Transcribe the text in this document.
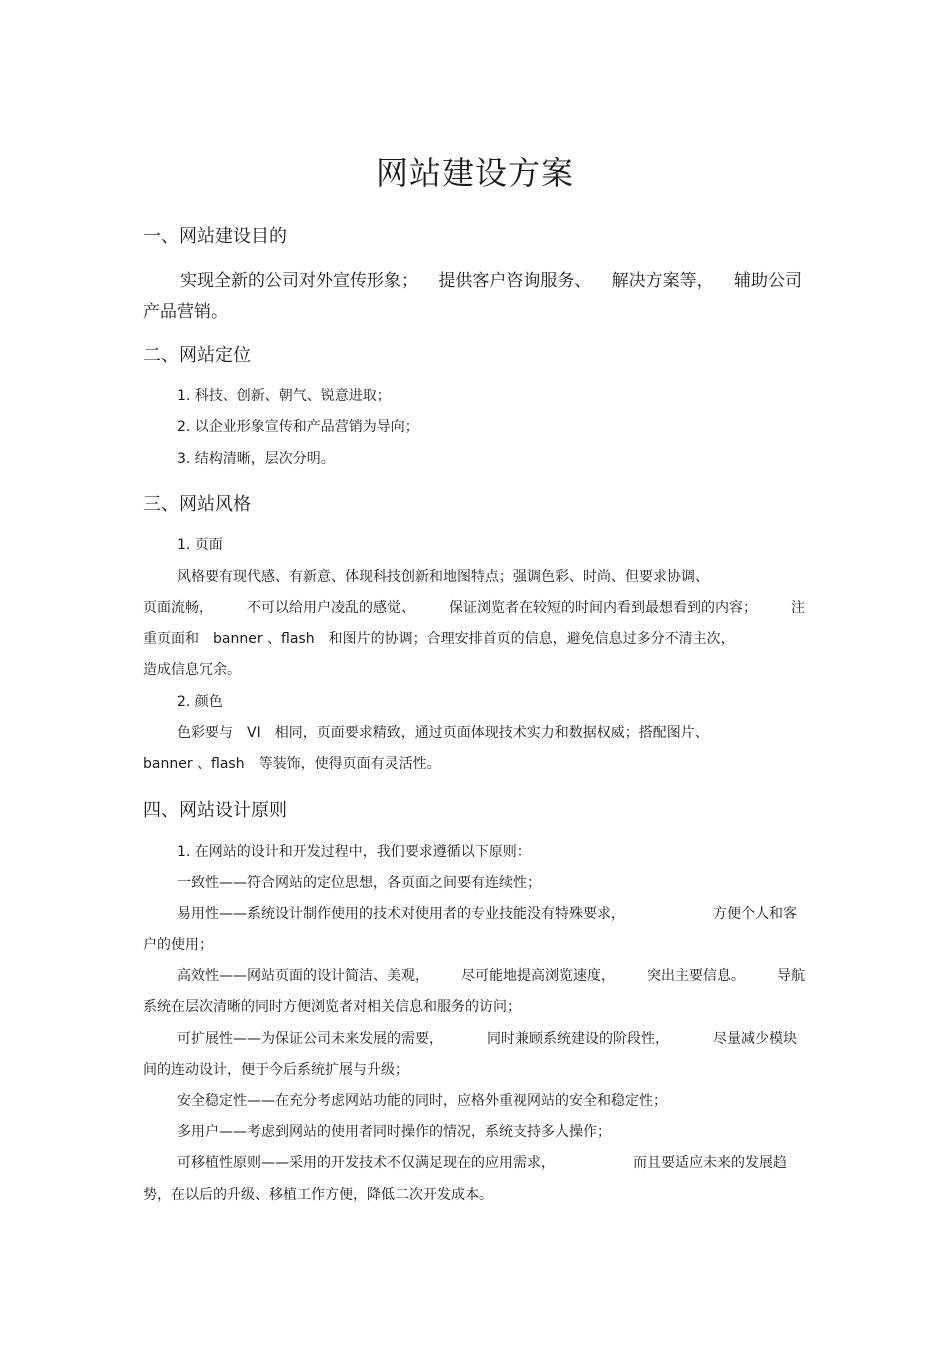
网站建设方案
一、网站建设目的
实现全新的公司对外宣传形象； 提供客户咨询服务、 解决方案等， 辅助公司
产品营销。
二、网站定位
1. 科技、创新、朝气、锐意进取；
2. 以企业形象宣传和产品营销为导向；
3. 结构清晰，层次分明。
三、网站风格
1. 页面
风格要有现代感、有新意、体现科技创新和地图特点；强调色彩、时尚、但要求协调、
页面流畅， 不可以给用户凌乱的感觉、 保证浏览者在较短的时间内看到最想看到的内容； 注
重页面和　banner 、flash　和图片的协调；合理安排首页的信息，避免信息过多分不清主次，
造成信息冗余。
2. 颜色
色彩要与　VI　相同，页面要求精致，通过页面体现技术实力和数据权威；搭配图片、
banner 、flash　等装饰，使得页面有灵活性。
四、网站设计原则
1. 在网站的设计和开发过程中，我们要求遵循以下原则：
一致性——符合网站的定位思想，各页面之间要有连续性；
易用性——系统设计制作使用的技术对使用者的专业技能没有特殊要求，	方便个人和客
户的使用；
高效性——网站页面的设计简洁、美观， 尽可能地提高浏览速度， 突出主要信息。 导航
系统在层次清晰的同时方便浏览者对相关信息和服务的访问；
可扩展性——为保证公司未来发展的需要，	同时兼顾系统建设的阶段性，	尽量减少模块
间的连动设计，便于今后系统扩展与升级；
安全稳定性——在充分考虑网站功能的同时，应格外重视网站的安全和稳定性；
多用户——考虑到网站的使用者同时操作的情况，系统支持多人操作；
可移植性原则——采用的开发技术不仅满足现在的应用需求，	而且要适应未来的发展趋
势，在以后的升级、移植工作方便，降低二次开发成本。
